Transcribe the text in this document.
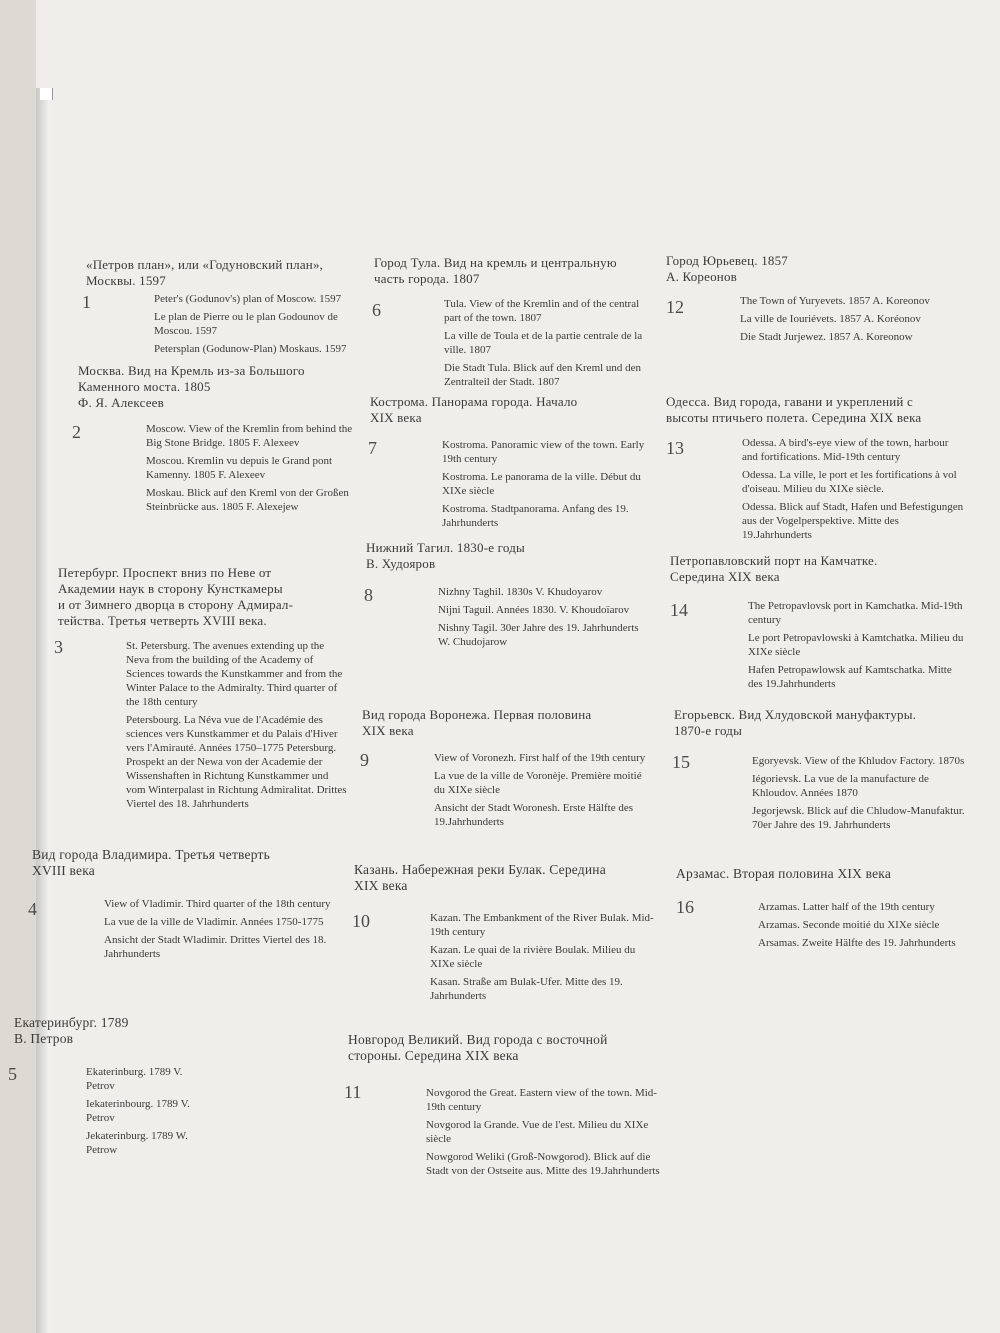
«Петров план», или «Годуновский план»,
Москвы. 1597
1	Peter's (Godunov's) plan of Moscow. 1597

Le plan de Pierre ou le plan Godounov de Moscou. 1597

Petersplan (Godunow-Plan) Moskaus. 1597

Москва. Вид на Кремль из-за Большого
Каменного моста. 1805
Ф. Я. Алексеев
2	Moscow. View of the Kremlin from behind the Big Stone Bridge. 1805 F. Alexeev

Moscou. Kremlin vu depuis le Grand pont Kamenny. 1805 F. Alexeev

Moskau. Blick auf den Kreml von der Großen Steinbrücke aus. 1805 F. Alexejew

Петербург. Проспект вниз по Неве от
Академии наук в сторону Кунсткамеры
и от Зимнего дворца в сторону Адмирал-
тейства. Третья четверть XVIII века.
3	St. Petersburg. The avenues extending up the Neva from the building of the Academy of Sciences towards the Kunstkammer and from the Winter Palace to the Admiralty. Third quarter of the 18th century

Petersbourg. La Néva vue de l'Académie des sciences vers Kunstkammer et du Palais d'Hiver vers l'Amirauté. Années 1750–1775 Petersburg. Prospekt an der Newa von der Academie der Wissenshaften in Richtung Kunstkammer und vom Winterpalast in Richtung Admiralitat. Drittes Viertel des 18. Jahrhunderts

Вид города Владимира. Третья четверть
XVIII века
4	View of Vladimir. Third quarter of the 18th century

La vue de la ville de Vladimir. Années 1750-1775

Ansicht der Stadt Wladimir. Drittes Viertel des 18. Jahrhunderts

Екатеринбург. 1789
В. Петров
5	Ekaterinburg. 1789 V. Petrov

Iekaterinbourg. 1789 V. Petrov

Jekaterinburg. 1789 W. Petrow

Город Тула. Вид на кремль и центральную
часть города. 1807
6	Tula. View of the Kremlin and of the central part of the town. 1807

La ville de Toula et de la partie centrale de la ville. 1807

Die Stadt Tula. Blick auf den Kreml und den Zentralteil der Stadt. 1807

Кострома. Панорама города. Начало
XIX века
7	Kostroma. Panoramic view of the town. Early 19th century

Kostroma. Le panorama de la ville. Début du XIXe siècle

Kostroma. Stadtpanorama. Anfang des 19. Jahrhunderts

Нижний Тагил. 1830-е годы
В. Худояров
8	Nizhny Taghil. 1830s V. Khudoyarov

Nijni Taguil. Années 1830. V. Khoudoïarov

Nishny Tagil. 30er Jahre des 19. Jahrhunderts W. Chudojarow

Вид города Воронежа. Первая половина
XIX века
9	View of Voronezh. First half of the 19th century

La vue de la ville de Voronèje. Première moitié du XIXe siècle

Ansicht der Stadt Woronesh. Erste Hälfte des 19.Jahrhunderts

Казань. Набережная реки Булак. Середина
XIX века
10	Kazan. The Embankment of the River Bulak. Mid-19th century

Kazan. Le quai de la rivière Boulak. Milieu du XIXe siècle

Kasan. Straße am Bulak-Ufer. Mitte des 19. Jahrhunderts

Новгород Великий. Вид города с восточной
стороны. Середина XIX века
11	Novgorod the Great. Eastern view of the town. Mid-19th century

Novgorod la Grande. Vue de l'est. Milieu du XIXe siècle

Nowgorod Weliki (Groß-Nowgorod). Blick auf die Stadt von der Ostseite aus. Mitte des 19.Jahrhunderts

Город Юрьевец. 1857
А. Кореонов
12	The Town of Yuryevets. 1857 A. Koreonov

La ville de Iouriévets. 1857 A. Koréonov

Die Stadt Jurjewez. 1857 A. Koreonow

Одесса. Вид города, гавани и укреплений с
высоты птичьего полета. Середина XIX века
13	Odessa. A bird's-eye view of the town, harbour and fortifications. Mid-19th century

Odessa. La ville, le port et les fortifications à vol d'oiseau. Milieu du XIXe siècle.

Odessa. Blick auf Stadt, Hafen und Befestigungen aus der Vogelperspektive. Mitte des 19.Jahrhunderts

Петропавловский порт на Камчатке.
Середина XIX века
14	The Petropavlovsk port in Kamchatka. Mid-19th century

Le port Petropavlowski à Kamtchatka. Milieu du XIXe siècle

Hafen Petropawlowsk auf Kamtschatka. Mitte des 19.Jahrhunderts

Егорьевск. Вид Хлудовской мануфактуры.
1870-е годы
15	Egoryevsk. View of the Khludov Factory. 1870s

Iégorievsk. La vue de la manufacture de Khloudov. Années 1870

Jegorjewsk. Blick auf die Chludow-Manufaktur. 70er Jahre des 19. Jahrhunderts

Арзамас. Вторая половина XIX века
16	Arzamas. Latter half of the 19th century

Arzamas. Seconde moitié du XIXe siècle

Arsamas. Zweite Hälfte des 19. Jahrhunderts
